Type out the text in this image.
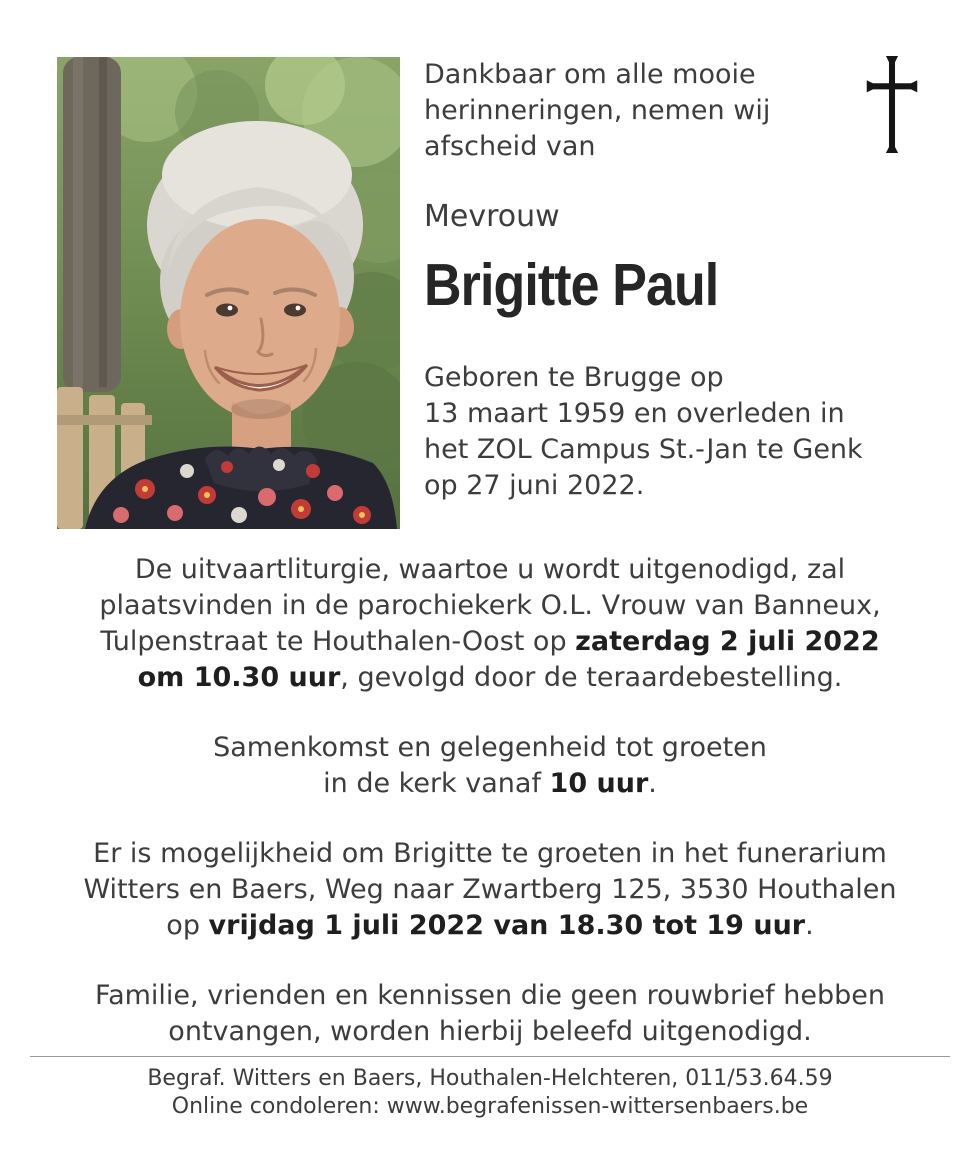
Dankbaar om alle mooie
herinneringen, nemen wij
afscheid van
Mevrouw
Brigitte Paul
Geboren te Brugge op
13 maart 1959 en overleden in
het ZOL Campus St.-Jan te Genk
op 27 juni 2022.
De uitvaartliturgie, waartoe u wordt uitgenodigd, zal
plaatsvinden in de parochiekerk O.L. Vrouw van Banneux,
Tulpenstraat te Houthalen-Oost op zaterdag 2 juli 2022
om 10.30 uur, gevolgd door de teraardebestelling.
Samenkomst en gelegenheid tot groeten
in de kerk vanaf 10 uur.
Er is mogelijkheid om Brigitte te groeten in het funerarium
Witters en Baers, Weg naar Zwartberg 125, 3530 Houthalen
op vrijdag 1 juli 2022 van 18.30 tot 19 uur.
Familie, vrienden en kennissen die geen rouwbrief hebben
ontvangen, worden hierbij beleefd uitgenodigd.
Begraf. Witters en Baers, Houthalen-Helchteren, 011/53.64.59
Online condoleren: www.begrafenissen-wittersenbaers.be
